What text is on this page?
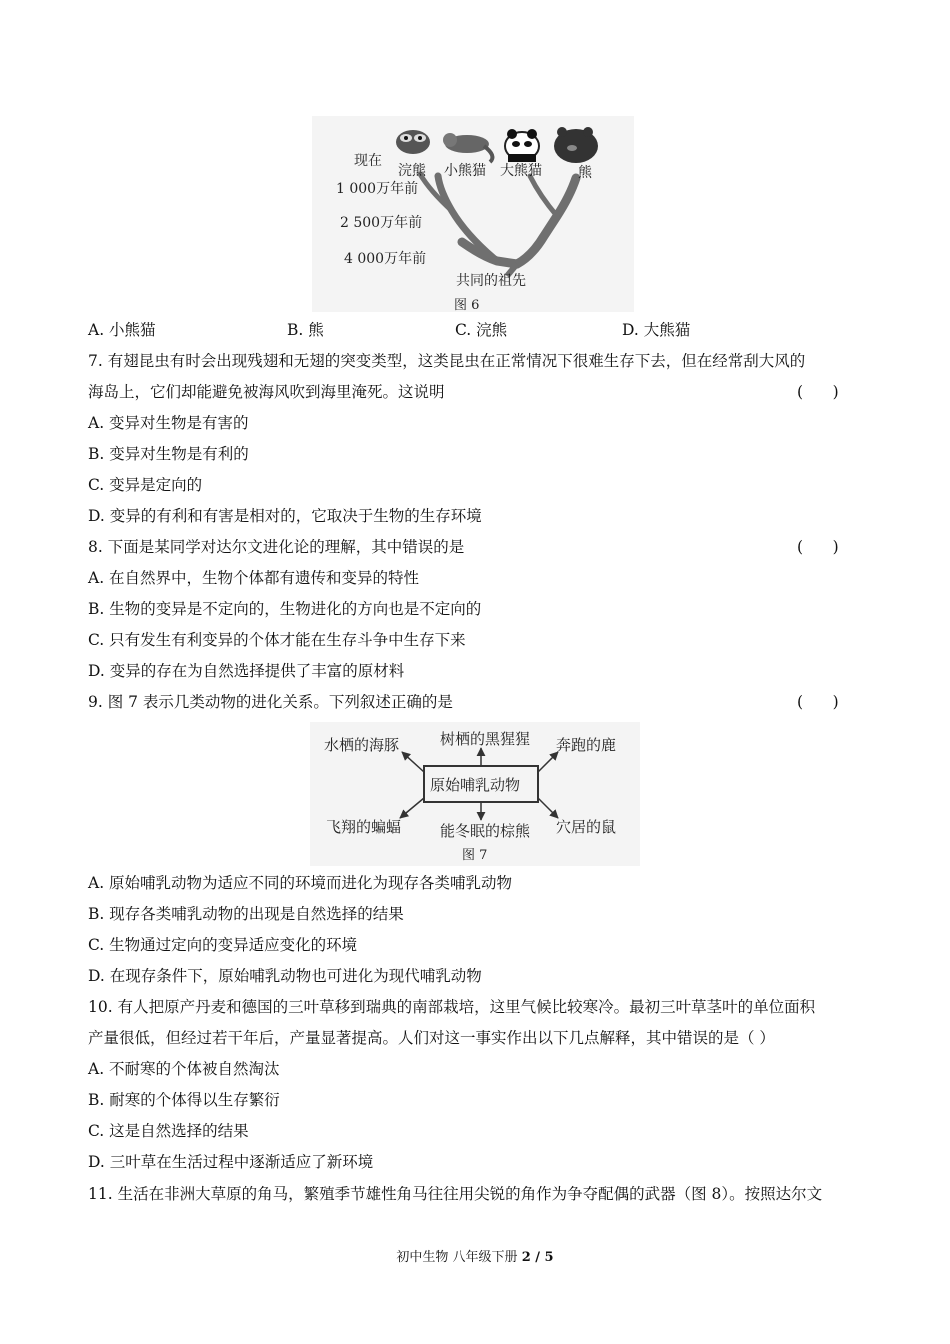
浣熊 小熊猫 大熊猫	熊
现在
1 000万年前
2 500万年前
4 000万年前
共同的祖先
图 6
A. 小熊猫	B. 熊	C. 浣熊	D. 大熊猫
7. 有翅昆虫有时会出现残翅和无翅的突变类型，这类昆虫在正常情况下很难生存下去，但在经常刮大风的
海岛上，它们却能避免被海风吹到海里淹死。这说明	(      )
A. 变异对生物是有害的
B. 变异对生物是有利的
C. 变异是定向的
D. 变异的有利和有害是相对的，它取决于生物的生存环境
8. 下面是某同学对达尔文进化论的理解，其中错误的是	(      )
A. 在自然界中，生物个体都有遗传和变异的特性
B. 生物的变异是不定向的，生物进化的方向也是不定向的
C. 只有发生有利变异的个体才能在生存斗争中生存下来
D. 变异的存在为自然选择提供了丰富的原材料
9. 图 7 表示几类动物的进化关系。下列叙述正确的是	(      )
原始哺乳动物
水栖的海豚	树栖的黑猩猩 奔跑的鹿
飞翔的蝙蝠	能冬眠的棕熊 穴居的鼠
图 7
A. 原始哺乳动物为适应不同的环境而进化为现存各类哺乳动物
B. 现存各类哺乳动物的出现是自然选择的结果
C. 生物通过定向的变异适应变化的环境
D. 在现存条件下，原始哺乳动物也可进化为现代哺乳动物
10. 有人把原产丹麦和德国的三叶草移到瑞典的南部栽培，这里气候比较寒冷。最初三叶草茎叶的单位面积
产量很低，但经过若干年后，产量显著提高。人们对这一事实作出以下几点解释，其中错误的是（ ）
A. 不耐寒的个体被自然淘汰
B. 耐寒的个体得以生存繁衍
C. 这是自然选择的结果
D. 三叶草在生活过程中逐渐适应了新环境
11. 生活在非洲大草原的角马，繁殖季节雄性角马往往用尖锐的角作为争夺配偶的武器（图 8）。按照达尔文
初中生物 八年级下册 2 / 5
